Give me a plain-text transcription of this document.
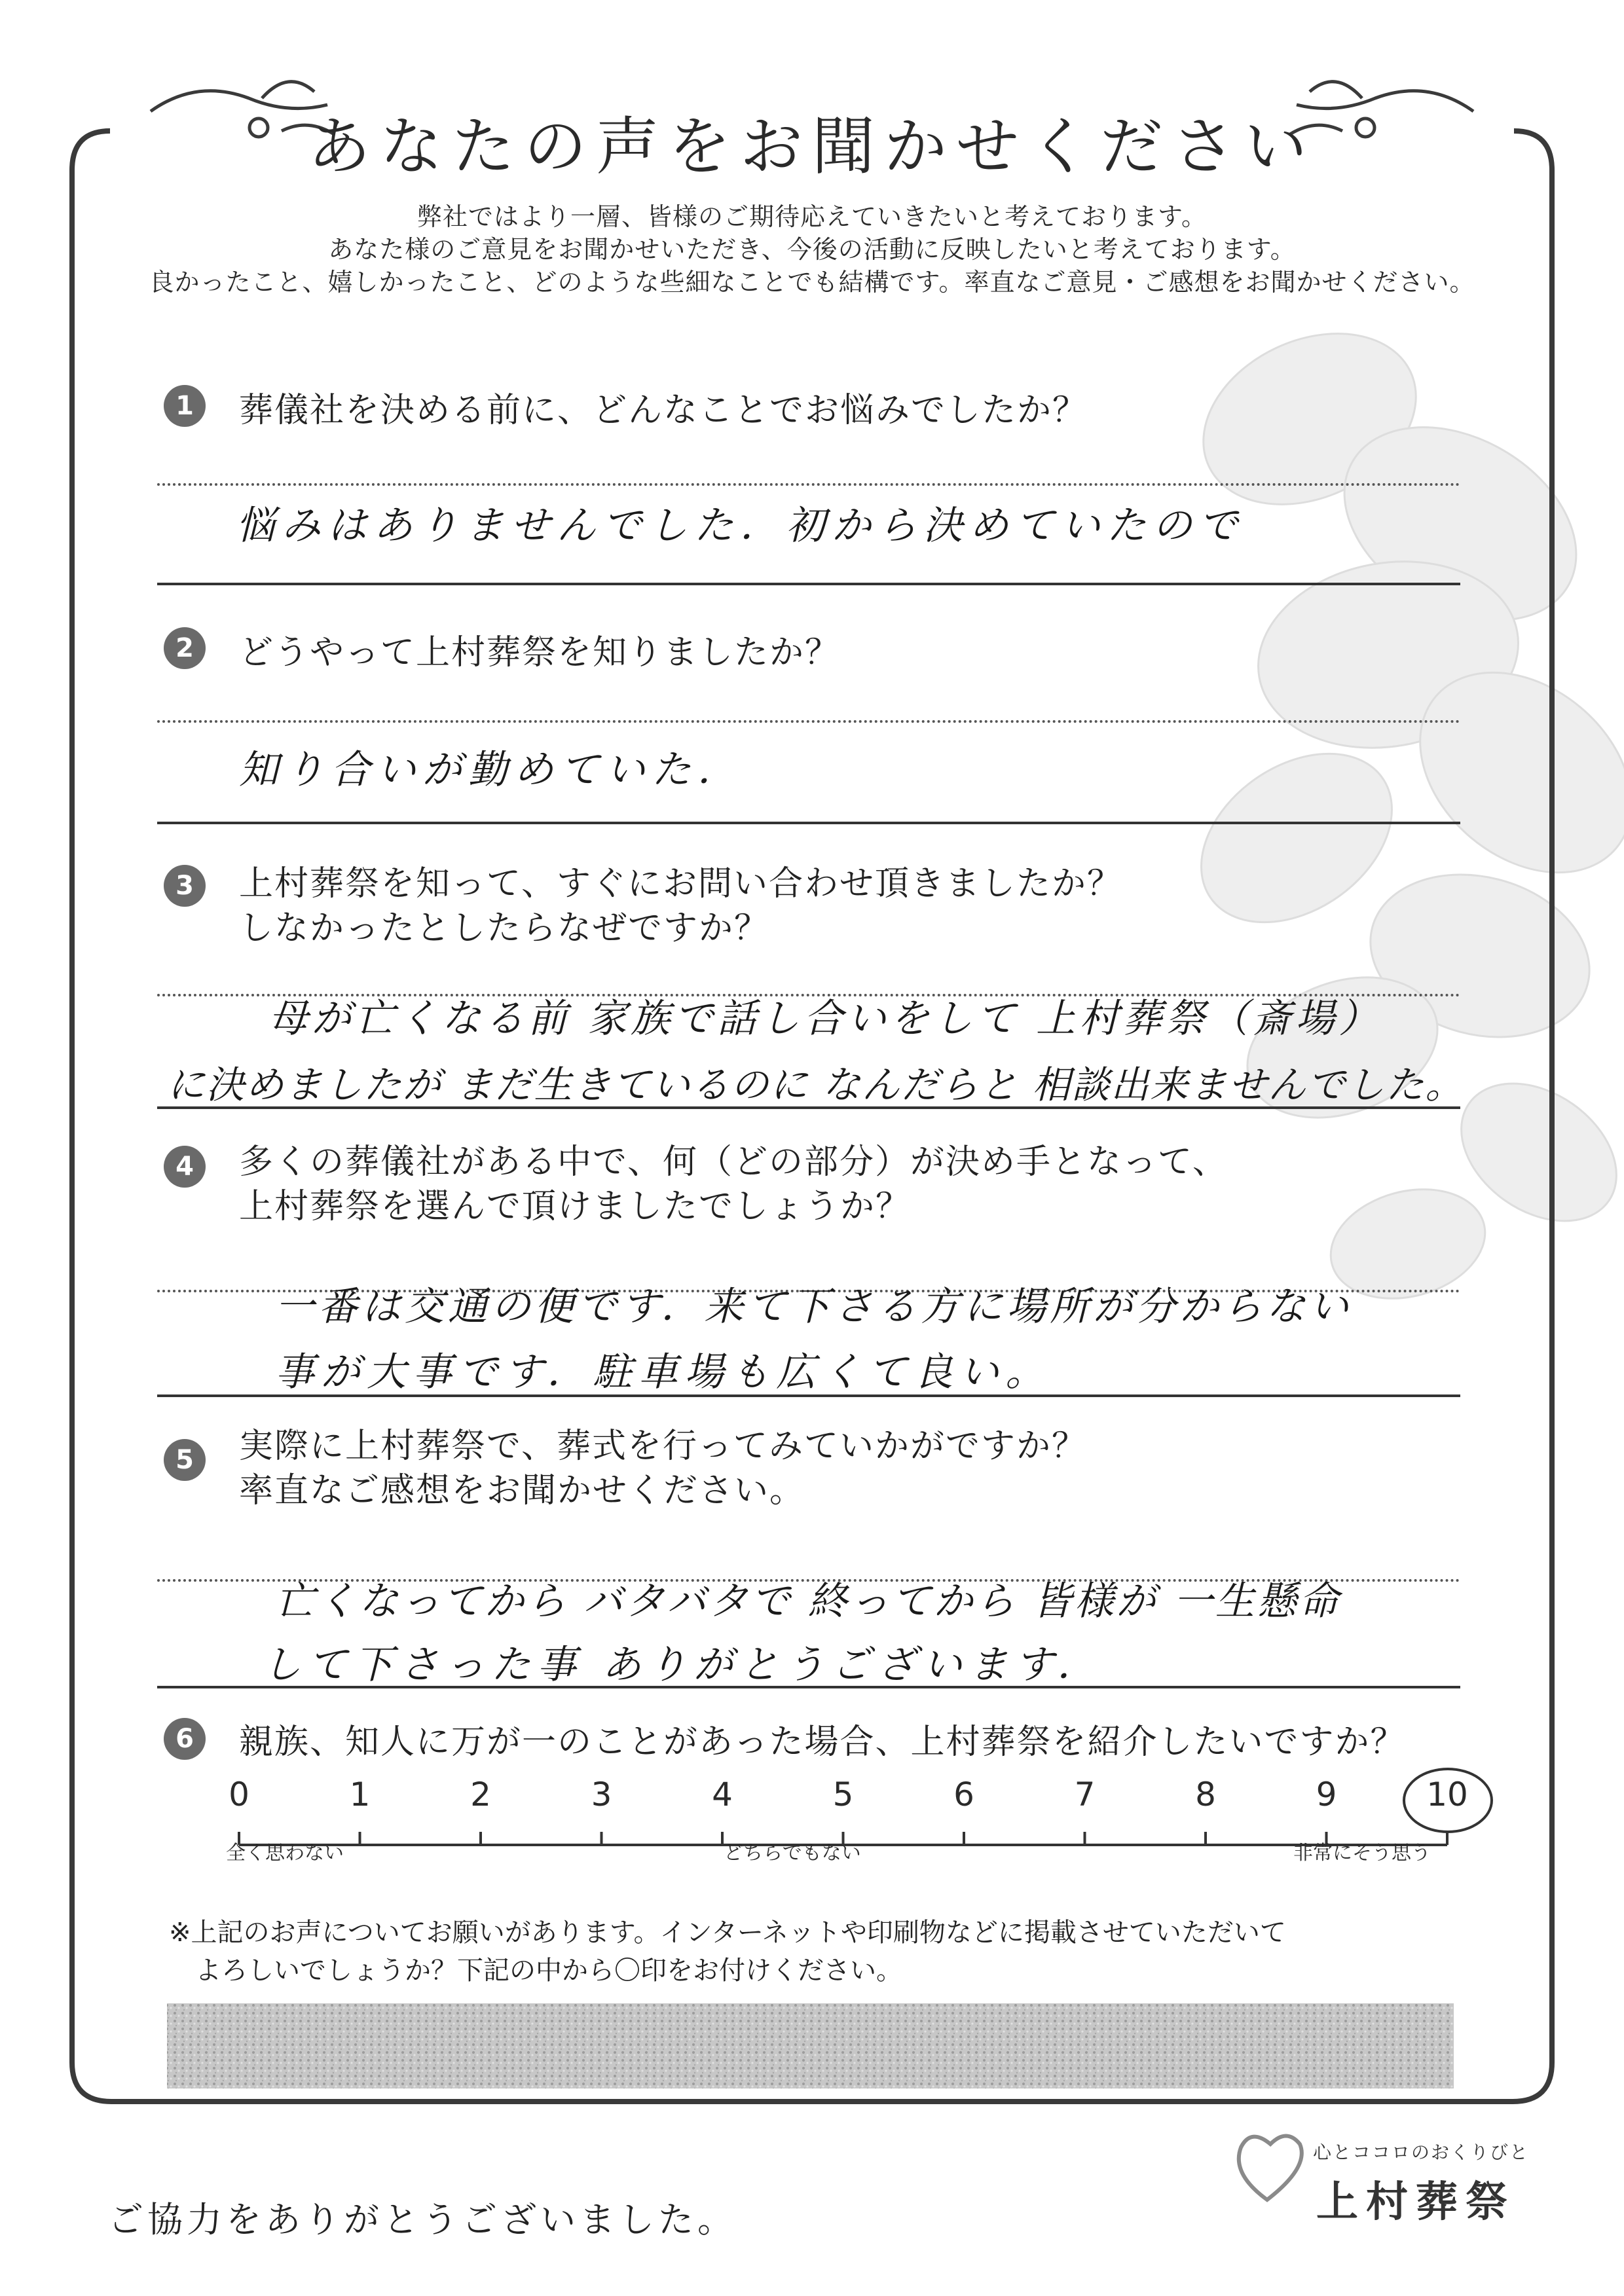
あなたの声をお聞かせください
弊社ではより一層、皆様のご期待応えていきたいと考えております。
あなた様のご意見をお聞かせいただき、今後の活動に反映したいと考えております。
良かったこと、嬉しかったこと、どのような些細なことでも結構です。率直なご意見・ご感想をお聞かせください。
1	葬儀社を決める前に、どんなことでお悩みでしたか？
悩みはありませんでした．初から決めていたので
2	どうやって上村葬祭を知りましたか？
知り合いが勤めていた．
3	上村葬祭を知って、すぐにお問い合わせ頂きましたか？
しなかったとしたらなぜですか？
母が亡くなる前 家族で話し合いをして 上村葬祭（斎場）
に決めましたが まだ生きているのに なんだらと 相談出来ませんでした。
4	多くの葬儀社がある中で、何（どの部分）が決め手となって、
上村葬祭を選んで頂けましたでしょうか？
一番は交通の便です．来て下さる方に場所が分からない
事が大事です．駐車場も広くて良い。
5	実際に上村葬祭で、葬式を行ってみていかがですか？
率直なご感想をお聞かせください。
亡くなってから バタバタで 終ってから 皆様が 一生懸命
して下さった事 ありがとうございます．
6	親族、知人に万が一のことがあった場合、上村葬祭を紹介したいですか？
0	1	2	3	4	5	6	7	8	9	10
全く思わない	どちらでもない	非常にそう思う
※上記のお声についてお願いがあります。インターネットや印刷物などに掲載させていただいて
よろしいでしょうか？下記の中から〇印をお付けください。
ご協力をありがとうございました。
心とココロのおくりびと
上村葬祭
